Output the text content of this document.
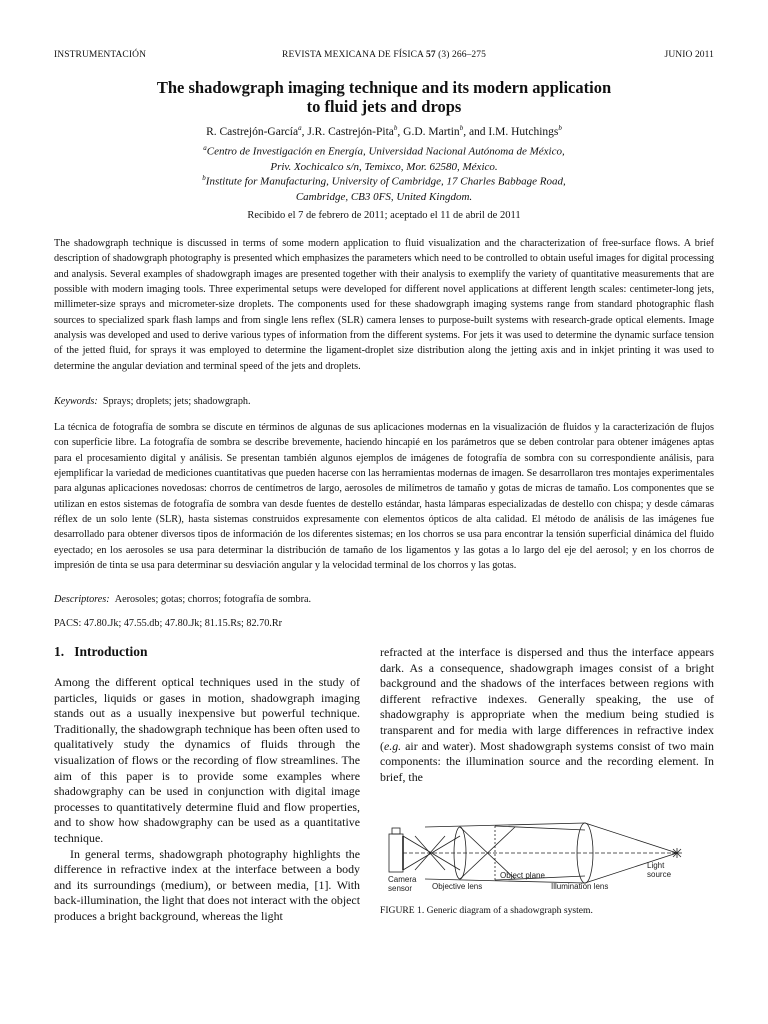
INSTRUMENTACIÓN	REVISTA MEXICANA DE FÍSICA 57 (3) 266–275	JUNIO 2011
The shadowgraph imaging technique and its modern application
to fluid jets and drops
R. Castrejón-García$^a$, J.R. Castrejón-Pita$^b$, G.D. Martin$^b$, and I.M. Hutchings$^b$
$^a$Centro de Investigación en Energía, Universidad Nacional Autónoma de México,
Priv. Xochicalco s/n, Temixco, Mor. 62580, México.
$^b$Institute for Manufacturing, University of Cambridge, 17 Charles Babbage Road,
Cambridge, CB3 0FS, United Kingdom.
Recibido el 7 de febrero de 2011; aceptado el 11 de abril de 2011

The shadowgraph technique is discussed in terms of some modern application to fluid visualization and the characterization of free-surface flows. A brief description of shadowgraph photography is presented which emphasizes the parameters which need to be controlled to obtain useful images for digital processing and analysis. Several examples of shadowgraph images are presented together with their analysis to exemplify the variety of quantitative measurements that are possible with modern imaging tools. Three experimental setups were developed for different novel applications at different length scales: centimeter-long jets, millimeter-size sprays and micrometer-size droplets. The components used for these shadowgraph imaging systems range from standard photographic flash sources to specialized spark flash lamps and from single lens reflex (SLR) camera lenses to purpose-built systems with research-grade optical elements. Image analysis was developed and used to derive various types of information from the different systems. For jets it was used to determine the dynamic surface tension of the jetted fluid, for sprays it was employed to determine the ligament-droplet size distribution along the jetting axis and in inkjet printing it was used to determine the angular deviation and terminal speed of the jets and droplets.

Keywords: Sprays; droplets; jets; shadowgraph.

La técnica de fotografía de sombra se discute en términos de algunas de sus aplicaciones modernas en la visualización de fluidos y la caracterización de flujos con superficie libre. La fotografía de sombra se describe brevemente, haciendo hincapié en los parámetros que se deben controlar para obtener imágenes aptas para el procesamiento digital y análisis. Se presentan también algunos ejemplos de imágenes de fotografía de sombra con su correspondiente análisis, para ejemplificar la variedad de mediciones cuantitativas que pueden hacerse con las herramientas modernas de imagen. Se desarrollaron tres montajes experimentales para algunas aplicaciones novedosas: chorros de centímetros de largo, aerosoles de milímetros de tamaño y gotas de micras de tamaño. Los componentes que se utilizan en estos sistemas de fotografía de sombra van desde fuentes de destello estándar, hasta lámparas especializadas de destello con chispa; y desde cámaras réflex de un solo lente (SLR), hasta sistemas construidos expresamente con elementos ópticos de alta calidad. El método de análisis de las imágenes fue desarrollado para obtener diversos tipos de información de los diferentes sistemas; en los chorros se usa para encontrar la tensión superficial dinámica del fluido eyectado; en los aerosoles se usa para determinar la distribución de tamaño de los ligamentos y las gotas a lo largo del eje del aerosol; y en los chorros de impresión de tinta se usa para determinar su desviación angular y la velocidad terminal de los chorros y las gotas.

Descriptores: Aerosoles; gotas; chorros; fotografía de sombra.
PACS: 47.80.Jk; 47.55.db; 47.80.Jk; 81.15.Rs; 82.70.Rr
1. Introduction

Among the different optical techniques used in the study of particles, liquids or gases in motion, shadowgraph imaging stands out as a usually inexpensive but powerful technique. Traditionally, the shadowgraph technique has been often used to qualitatively study the dynamics of fluids through the visualization of flows or the recording of flow streamlines. The aim of this paper is to provide some examples where shadowgraphy can be used in conjunction with digital image processes to quantitatively determine fluid and flow properties, and to show how shadowgraphy can be used as a quantitative technique.

In general terms, shadowgraph photography highlights the difference in refractive index at the interface between a body and its surroundings (medium), or between media, [1]. With back-illumination, the light that does not interact with the object produces a bright background, whereas the light

refracted at the interface is dispersed and thus the interface appears dark. As a consequence, shadowgraph images consist of a bright background and the shadows of the interfaces between regions with different refractive indexes. Generally speaking, the use of shadowgraphy is appropriate when the medium being studied is transparent and for media with large differences in refractive index (e.g. air and water). Most shadowgraph systems consist of two main components: the illumination source and the recording element. In brief, the

Camera
sensor Objective lens
Object plane
Illumination lens
Light
source
FIGURE 1. Generic diagram of a shadowgraph system.
